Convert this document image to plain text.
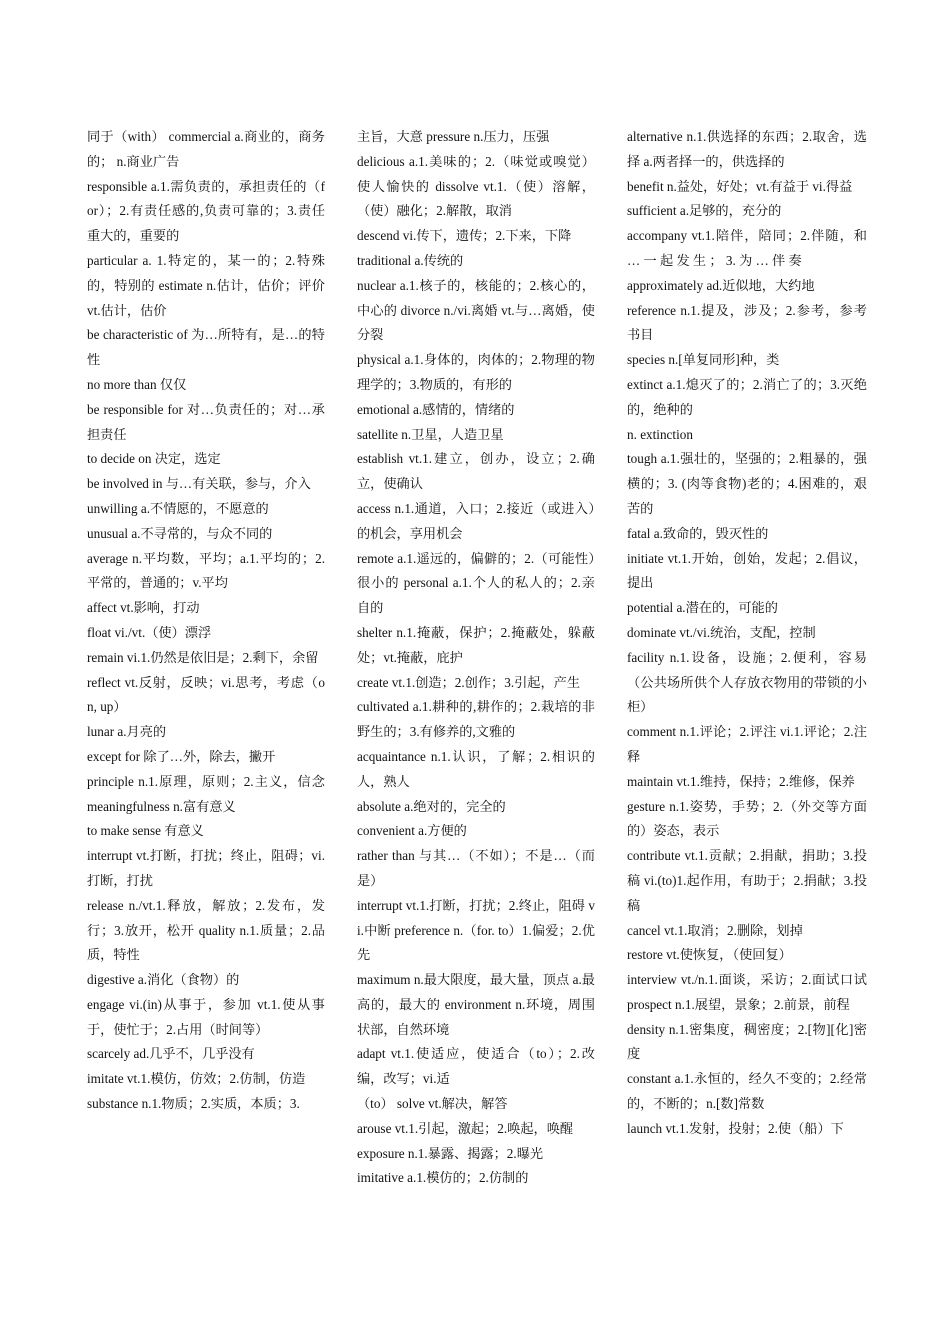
同于（with） commercial a.商业的，商务的； n.商业广告
responsible a.1.需负责的，承担责任的（for）；2.有责任感的,负责可靠的；3.责任重大的，重要的
particular a. 1.特定的，某一的；2.特殊的，特别的 estimate n.估计，估价；评价 vt.估计，估价
be characteristic of 为…所特有，是…的特性
no more than 仅仅
be responsible for 对…负责任的；对…承担责任
to decide on 决定，选定
be involved in 与…有关联，参与，介入
unwilling a.不情愿的，不愿意的
unusual a.不寻常的，与众不同的
average n.平均数，平均；a.1.平均的；2.平常的，普通的；v.平均
affect vt.影响，打动
float vi./vt.（使）漂浮
remain vi.1.仍然是依旧是；2.剩下，余留
reflect vt.反射，反映；vi.思考，考虑（on, up）
lunar a.月亮的
except for 除了…外，除去，撇开
principle n.1.原理，原则；2.主义，信念 meaningfulness n.富有意义
to make sense 有意义
interrupt vt.打断，打扰；终止，阻碍；vi.打断，打扰
release n./vt.1.释放，解放；2.发布，发行；3.放开，松开 quality n.1.质量；2.品质，特性
digestive a.消化（食物）的
engage vi.(in)从事于，参加 vt.1.使从事于，使忙于；2.占用（时间等）
scarcely ad.几乎不，几乎没有
imitate vt.1.模仿，仿效；2.仿制，仿造
substance n.1.物质；2.实质，本质；3.
主旨，大意 pressure n.压力，压强
delicious a.1.美味的；2.（味觉或嗅觉）使人愉快的 dissolve vt.1.（使）溶解，（使）融化；2.解散，取消
descend vi.传下，遗传；2.下来，下降
traditional a.传统的
nuclear a.1.核子的，核能的；2.核心的，中心的 divorce n./vi.离婚 vt.与…离婚，使分裂
physical a.1.身体的，肉体的；2.物理的物理学的；3.物质的，有形的
emotional a.感情的，情绪的
satellite n.卫星，人造卫星
establish vt.1.建立，创办，设立；2.确立，使确认
access n.1.通道，入口；2.接近（或进入）的机会，享用机会
remote a.1.遥远的，偏僻的；2.（可能性）很小的 personal a.1.个人的私人的；2.亲自的
shelter n.1.掩蔽，保护；2.掩蔽处，躲蔽处；vt.掩蔽，庇护
create vt.1.创造；2.创作；3.引起，产生
cultivated a.1.耕种的,耕作的；2.栽培的非野生的；3.有修养的,文雅的
acquaintance n.1.认识，了解；2.相识的人，熟人
absolute a.绝对的，完全的
convenient a.方便的
rather than 与其…（不如）；不是…（而是）
interrupt vt.1.打断，打扰；2.终止，阻碍 vi.中断 preference n.（for. to）1.偏爱；2.优先
maximum n.最大限度，最大量，顶点 a.最高的，最大的 environment n.环境，周围状部，自然环境
adapt vt.1.使适应，使适合（to）；2.改编，改写；vi.适
（to） solve vt.解决，解答
arouse vt.1.引起，激起；2.唤起，唤醒
exposure n.1.暴露、揭露；2.曝光
imitative a.1.模仿的；2.仿制的
alternative n.1.供选择的东西；2.取舍，选择 a.两者择一的，供选择的
benefit n.益处，好处；vt.有益于 vi.得益
sufficient a.足够的，充分的
accompany vt.1.陪伴，陪同；2.伴随，和 … 一 起 发 生 ； 3. 为 … 伴 奏
approximately ad.近似地，大约地
reference n.1.提及，涉及；2.参考，参考书目
species n.[单复同形]种，类
extinct a.1.熄灭了的；2.消亡了的；3.灭绝的，绝种的
n. extinction
tough a.1.强壮的，坚强的；2.粗暴的，强横的；3. (肉等食物)老的；4.困难的，艰苦的
fatal a.致命的，毁灭性的
initiate vt.1.开始，创始，发起；2.倡议，提出
potential a.潜在的，可能的
dominate vt./vi.统治，支配，控制
facility n.1.设备，设施；2.便利，容易（公共场所供个人存放衣物用的带锁的小柜）
comment n.1.评论；2.评注 vi.1.评论；2.注释
maintain vt.1.维持，保持；2.维修，保养
gesture n.1.姿势，手势；2.（外交等方面的）姿态，表示
contribute vt.1.贡献；2.捐献，捐助；3.投稿 vi.(to)1.起作用，有助于；2.捐献；3.投稿
cancel vt.1.取消；2.删除，划掉
restore vt.使恢复，（使回复）
interview vt./n.1.面谈，采访；2.面试口试 prospect n.1.展望，景象；2.前景，前程
density n.1.密集度，稠密度；2.[物][化]密度
constant a.1.永恒的，经久不变的；2.经常的，不断的；n.[数]常数
launch vt.1.发射，投射；2.使（船）下
